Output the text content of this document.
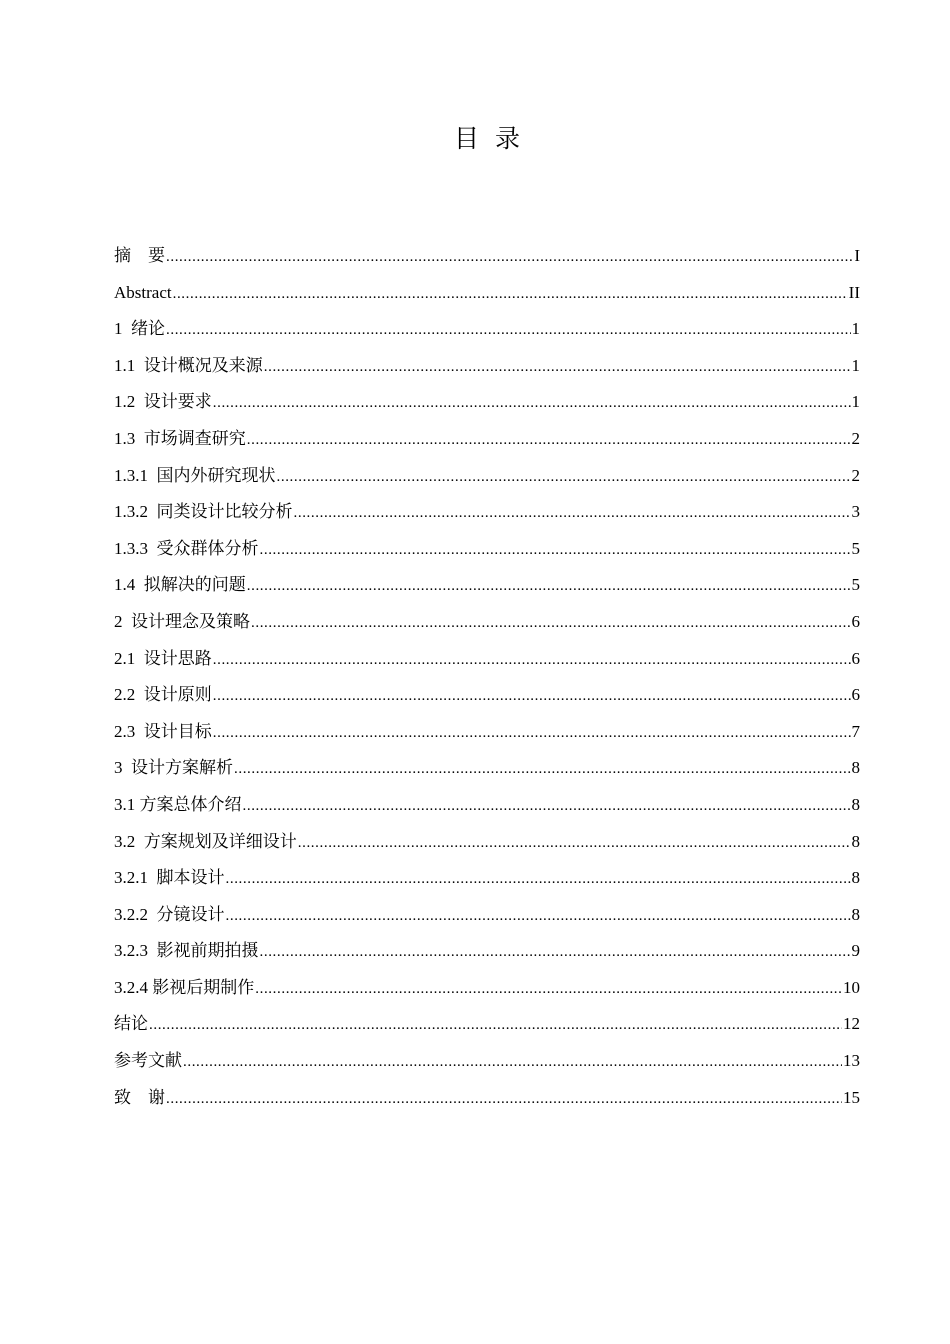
目  录
摘    要 .....	I
Abstract .....	II
1  绪论 .....	1
1.1  设计概况及来源 .....	1
1.2  设计要求 .....	1
1.3  市场调查研究 .....	2
1.3.1  国内外研究现状 .....	2
1.3.2  同类设计比较分析 .....	3
1.3.3  受众群体分析 .....	5
1.4  拟解决的问题 .....	5
2  设计理念及策略 .....	6
2.1  设计思路 .....	6
2.2  设计原则 .....	6
2.3  设计目标 .....	7
3  设计方案解析 .....	8
3.1 方案总体介绍 .....	8
3.2  方案规划及详细设计 .....	8
3.2.1  脚本设计 .....	8
3.2.2  分镜设计 .....	8
3.2.3  影视前期拍摄 .....	9
3.2.4 影视后期制作 .....	10
结论 .....	12
参考文献 .....	13
致    谢 .....	15
